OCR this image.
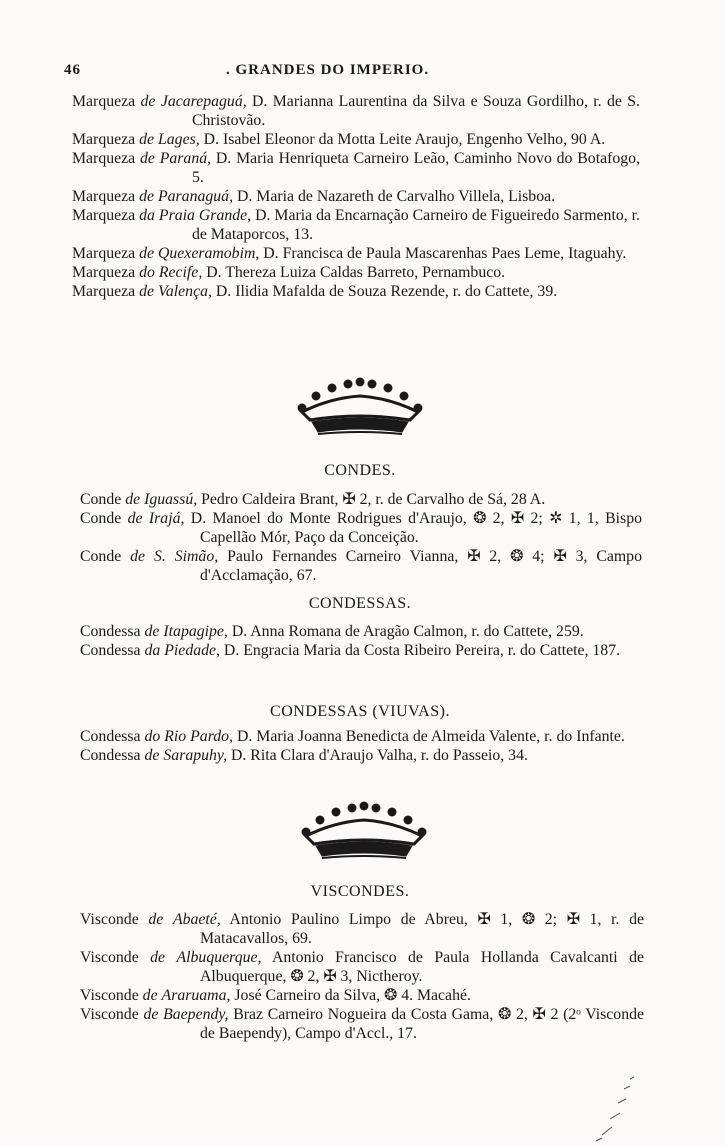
46	. GRANDES DO IMPERIO.

Marqueza de Jacarepaguá, D. Marianna Laurentina da Silva e Souza Gordilho, r. de S. Christovão.

Marqueza de Lages, D. Isabel Eleonor da Motta Leite Araujo, Engenho Velho, 90 A.

Marqueza de Paraná, D. Maria Henriqueta Carneiro Leão, Caminho Novo do Botafogo, 5.

Marqueza de Paranaguá, D. Maria de Nazareth de Carvalho Villela, Lisboa.

Marqueza da Praia Grande, D. Maria da Encarnação Carneiro de Figueiredo Sarmento, r. de Mataporcos, 13.

Marqueza de Quexeramobim, D. Francisca de Paula Mascarenhas Paes Leme, Itaguahy.

Marqueza do Recife, D. Thereza Luiza Caldas Barreto, Pernambuco.

Marqueza de Valença, D. Ilidia Mafalda de Souza Rezende, r. do Cattete, 39.

CONDES.

Conde de Iguassú, Pedro Caldeira Brant, ✠ 2, r. de Carvalho de Sá, 28 A.

Conde de Irajá, D. Manoel do Monte Rodrigues d'Araujo, ❂ 2, ✠ 2; ✲ 1, 1, Bispo Capellão Mór, Paço da Conceição.

Conde de S. Simão, Paulo Fernandes Carneiro Vianna, ✠ 2, ❂ 4; ✠ 3, Campo d'Acclamação, 67.

CONDESSAS.

Condessa de Itapagipe, D. Anna Romana de Aragão Calmon, r. do Cattete, 259.

Condessa da Piedade, D. Engracia Maria da Costa Ribeiro Pereira, r. do Cattete, 187.

CONDESSAS (VIUVAS).

Condessa do Rio Pardo, D. Maria Joanna Benedicta de Almeida Valente, r. do Infante.

Condessa de Sarapuhy, D. Rita Clara d'Araujo Valha, r. do Passeio, 34.

VISCONDES.

Visconde de Abaeté, Antonio Paulino Limpo de Abreu, ✠ 1, ❂ 2; ✠ 1, r. de Matacavallos, 69.

Visconde de Albuquerque, Antonio Francisco de Paula Hollanda Cavalcanti de Albuquerque, ❂ 2, ✠ 3, Nictheroy.

Visconde de Araruama, José Carneiro da Silva, ❂ 4. Macahé.

Visconde de Baependy, Braz Carneiro Nogueira da Costa Gama, ❂ 2, ✠ 2 (2ᵒ Visconde de Baependy), Campo d'Accl., 17.
